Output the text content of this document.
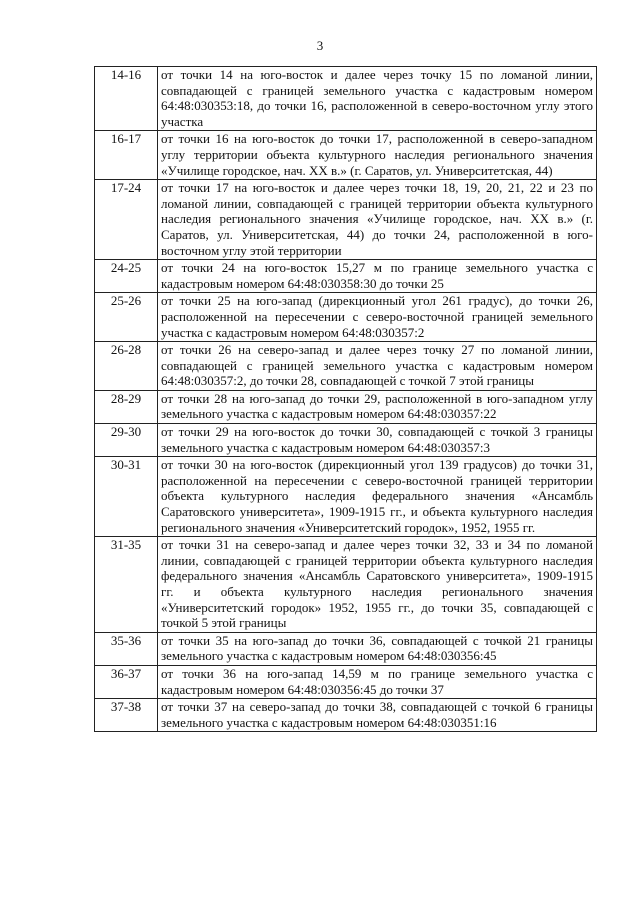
3
14-16	от точки 14 на юго-восток и далее через точку 15 по ломаной линии, совпадающей с границей земельного участка с кадастровым номером 64:48:030353:18, до точки 16, расположенной в северо-восточном углу этого участка
16-17	от точки 16 на юго-восток до точки 17, расположенной в северо-западном углу территории объекта культурного наследия регионального значения «Училище городское, нач. XX в.» (г. Саратов, ул. Университетская, 44)
17-24	от точки 17 на юго-восток и далее через точки 18, 19, 20, 21, 22 и 23 по ломаной линии, совпадающей с границей территории объекта культурного наследия регионального значения «Училище городское, нач. XX в.» (г. Саратов, ул. Университетская, 44) до точки 24, расположенной в юго-восточном углу этой территории
24-25	от точки 24 на юго-восток 15,27 м по границе земельного участка с кадастровым номером 64:48:030358:30 до точки 25
25-26	от точки 25 на юго-запад (дирекционный угол 261 градус), до точки 26, расположенной на пересечении с северо-восточной границей земельного участка с кадастровым номером 64:48:030357:2
26-28	от точки 26 на северо-запад и далее через точку 27 по ломаной линии, совпадающей с границей земельного участка с кадастровым номером 64:48:030357:2, до точки 28, совпадающей с точкой 7 этой границы
28-29	от точки 28 на юго-запад до точки 29, расположенной в юго-западном углу земельного участка с кадастровым номером 64:48:030357:22
29-30	от точки 29 на юго-восток до точки 30, совпадающей с точкой 3 границы земельного участка с кадастровым номером 64:48:030357:3
30-31	от точки 30 на юго-восток (дирекционный угол 139 градусов) до точки 31, расположенной на пересечении с северо-восточной границей территории объекта культурного наследия федерального значения «Ансамбль Саратовского университета», 1909-1915 гг., и объекта культурного наследия регионального значения «Университетский городок», 1952, 1955 гг.
31-35	от точки 31 на северо-запад и далее через точки 32, 33 и 34 по ломаной линии, совпадающей с границей территории объекта культурного наследия федерального значения «Ансамбль Саратовского университета», 1909-1915 гг. и объекта культурного наследия регионального значения «Университетский городок» 1952, 1955 гг., до точки 35, совпадающей с точкой 5 этой границы
35-36	от точки 35 на юго-запад до точки 36, совпадающей с точкой 21 границы земельного участка с кадастровым номером 64:48:030356:45
36-37	от точки 36 на юго-запад 14,59 м по границе земельного участка с кадастровым номером 64:48:030356:45 до точки 37
37-38	от точки 37 на северо-запад до точки 38, совпадающей с точкой 6 границы земельного участка с кадастровым номером 64:48:030351:16
